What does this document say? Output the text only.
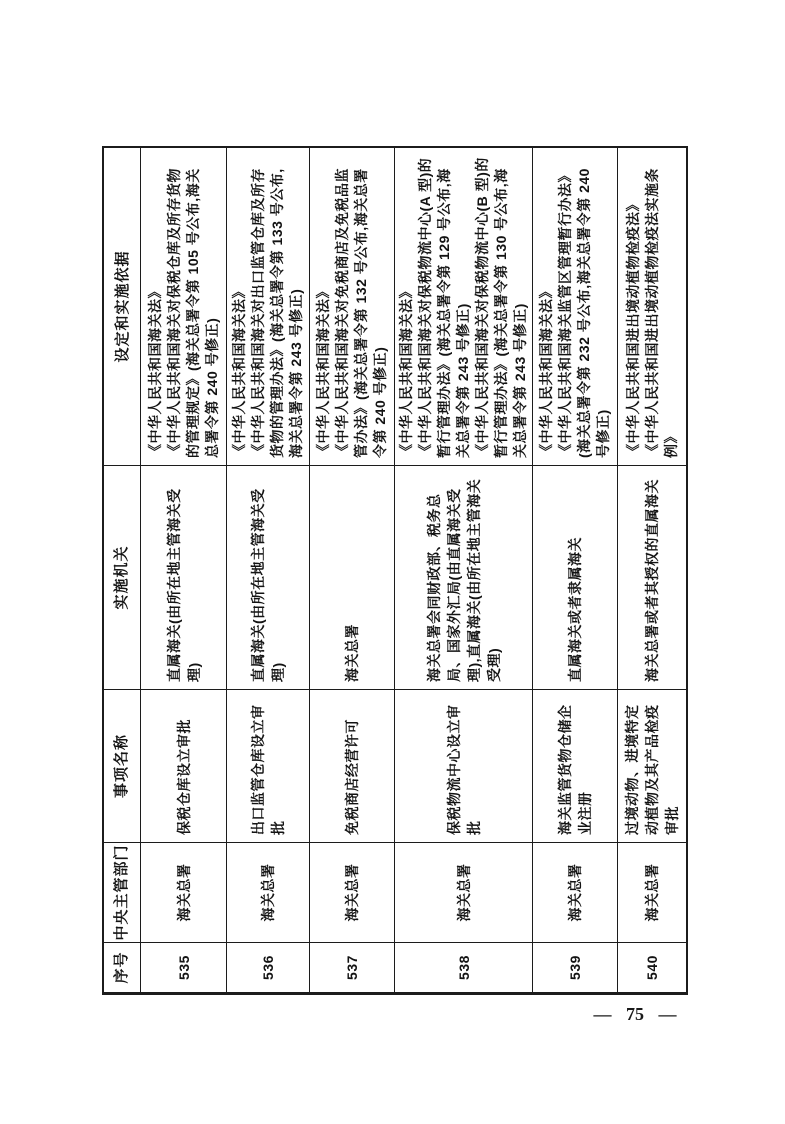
序号
中央主管部门
事项名称
实施机关
设定和实施依据
535
海关总署
保税仓库设立审批
直属海关(由所在地主管海关受理)
《中华人民共和国海关法》 《中华人民共和国海关对保税仓库及所存货物的管理规定》(海关总署令第 105 号公布,海关总署令第 240 号修正)
536
海关总署
出口监管仓库设立审批
直属海关(由所在地主管海关受理)
《中华人民共和国海关法》 《中华人民共和国海关对出口监管仓库及所存货物的管理办法》(海关总署令第 133 号公布,海关总署令第 243 号修正)
537
海关总署
免税商店经营许可
海关总署
《中华人民共和国海关法》 《中华人民共和国海关对免税商店及免税品监管办法》(海关总署令第 132 号公布,海关总署令第 240 号修正)
538
海关总署
保税物流中心设立审批
海关总署会同财政部、税务总局、国家外汇局(由直属海关受理),直属海关(由所在地主管海关受理)
《中华人民共和国海关法》 《中华人民共和国海关对保税物流中心(A 型)的暂行管理办法》(海关总署令第 129 号公布,海关总署令第 243 号修正) 《中华人民共和国海关对保税物流中心(B 型)的暂行管理办法》(海关总署令第 130 号公布,海关总署令第 243 号修正)
539
海关总署
海关监管货物仓储企业注册
直属海关或者隶属海关
《中华人民共和国海关法》 《中华人民共和国海关监管区管理暂行办法》(海关总署令第 232 号公布,海关总署令第 240 号修正)
540
海关总署
过境动物、进境特定动植物及其产品检疫审批
海关总署或者其授权的直属海关
《中华人民共和国进出境动植物检疫法》 《中华人民共和国进出境动植物检疫法实施条例》
— 75 —
